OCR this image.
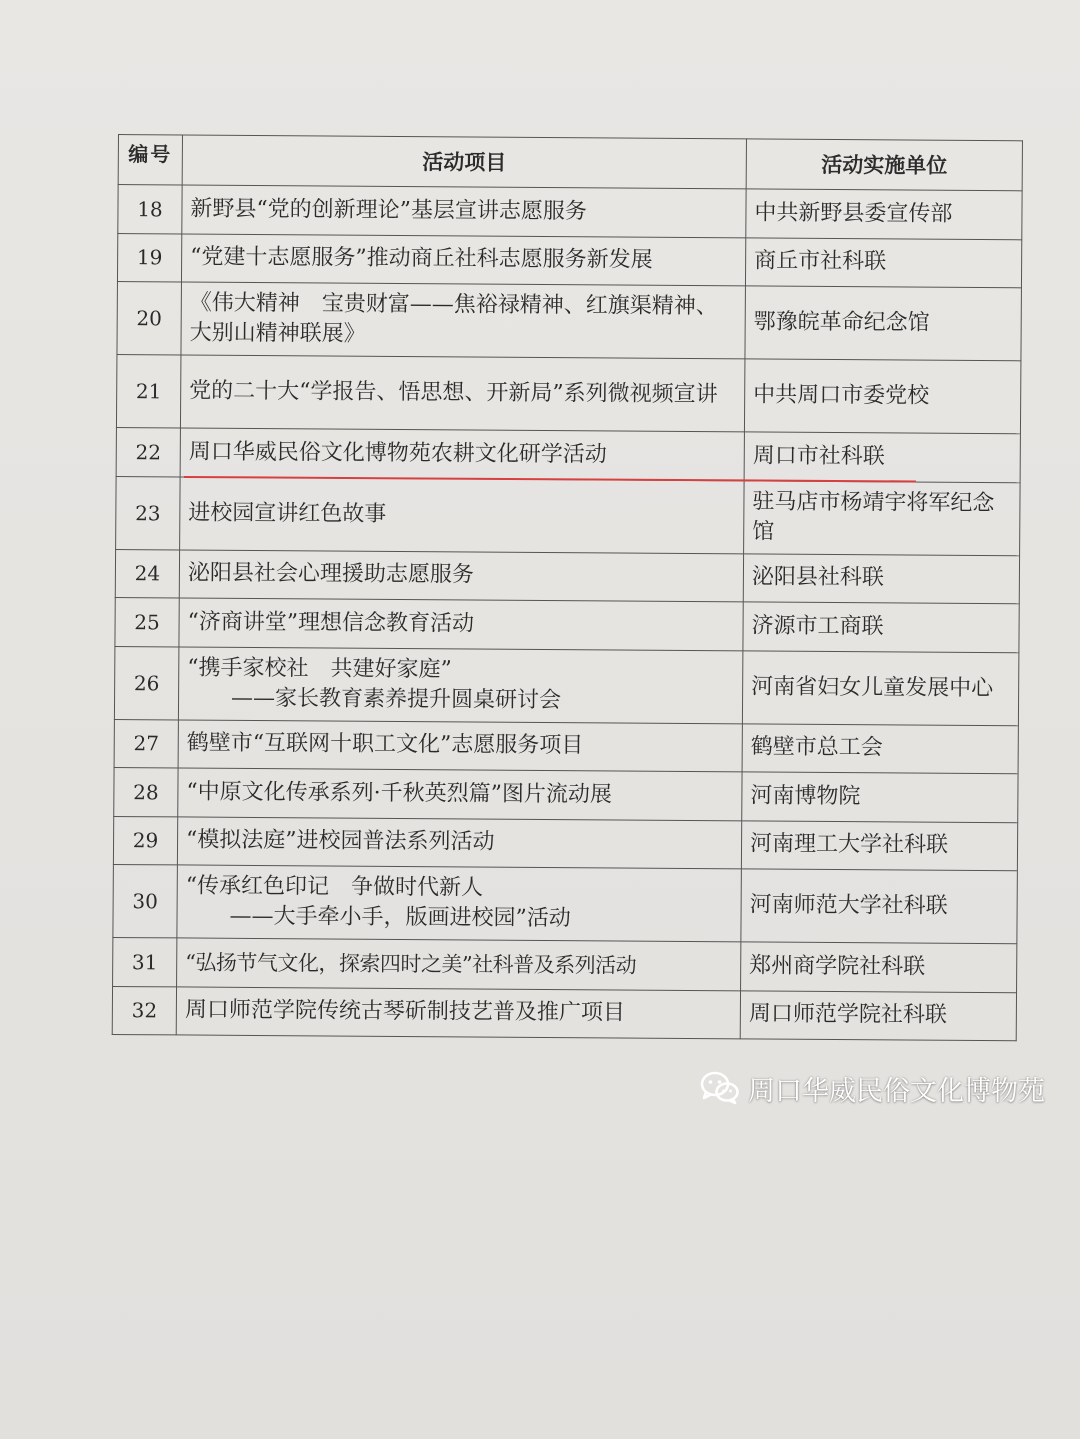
编号	活动项目	活动实施单位
18	新野县“党的创新理论”基层宣讲志愿服务	中共新野县委宣传部
19	“党建十志愿服务”推动商丘社科志愿服务新发展	商丘市社科联
20	《伟大精神　宝贵财富——焦裕禄精神、红旗渠精神、大别山精神联展》	鄂豫皖革命纪念馆
21	党的二十大“学报告、悟思想、开新局”系列微视频宣讲	中共周口市委党校
22	周口华威民俗文化博物苑农耕文化研学活动	周口市社科联
23	进校园宣讲红色故事	驻马店市杨靖宇将军纪念馆
24	泌阳县社会心理援助志愿服务	泌阳县社科联
25	“济商讲堂”理想信念教育活动	济源市工商联
26	“携手家校社　共建好家庭”
——家长教育素养提升圆桌研讨会	河南省妇女儿童发展中心
27	鹤壁市“互联网十职工文化”志愿服务项目	鹤壁市总工会
28	“中原文化传承系列·千秋英烈篇”图片流动展	河南博物院
29	“模拟法庭”进校园普法系列活动	河南理工大学社科联
30	“传承红色印记　争做时代新人
——大手牵小手，版画进校园”活动	河南师范大学社科联
31	“弘扬节气文化，探索四时之美”社科普及系列活动	郑州商学院社科联
32	周口师范学院传统古琴斫制技艺普及推广项目	周口师范学院社科联
周口华威民俗文化博物苑
